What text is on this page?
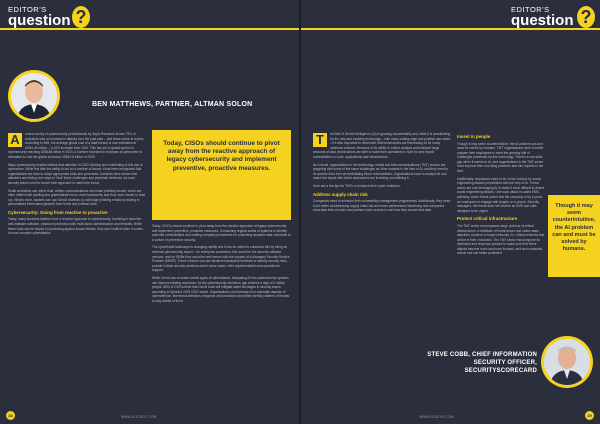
EDITOR'S
question ?
BEN MATTHEWS, PARTNER, ALTMAN SOLON

A	recent survey of cybersecurity professionals by Sapio Research shows 75% of recipients saw an increase in attacks over the past year – and these come at a price. According to IBM, the average global cost of a data breach is now estimated at US$4.45 million – a 15% increase from 2020. This has led to global spend on cybersecurity reaching US$188 billion in 2023, a number expected to increase as cybercrime is estimated to cost the global economy US$10.5 trillion in 2025.

Many cybersecurity experts believe that attention in CISO thinking are contributing to this rise in cybercrime. While this aids the ability to act on a number of issues, it has been recognised that organisations are slow to adopt appropriate tools and processes. Incidents have shown that attackers are finding new ways to 'lock' these challenges and penetrate defences. As such, security teams need to evolve their approach to match the threat.

Small schedules can mirror fluid, written communications and make phishing emails, which are often riddled with spelling and grammatical errors, more trustworthy and thus more harder to read out. What's more, hackers can use GenAI chatbots to craft large phishing emails by adding in personalised information gleaned from forms and political hubs.

Cybersecurity: Going from reactive to proactive

Today, many business leaders have a reactive approach to cybersecurity, investing in tools like anti-malware software, password protection with multi-factor authentication and firewalls. While these tools can be helpful for protecting against known threats, they won't suffice when it comes to more complex cyberattacks.

Today, CISOs should continue to pivot away from the reactive approach of legacy cybersecurity and implement preventive, proactive measures.

Today, CISOs should continue to pivot away from the reactive approach of legacy cybersecurity and implement preventive, proactive measures. Conducting regular audits of systems to identify potential vulnerabilities and crafting company procedures for protecting sensitive data contribute to a culture of preventive security.

The cyberthreat landscape is changing rapidly and it can be useful to outsource this by hiring an external cybersecurity expert – for enterprise customers, this would be the security software vendors, and for SMBs they would be well served with the support of a Managed Security Service Provider (MSSP). These vendors can use advanced analytical methods to identify security risks, provide holistic security solutions and in some cases, offer implementation and operational support.

While GenAI can increase certain types of cyberattacks, integrating AI into cybersecurity systems can improve existing resources. As the cybersecurity workforce gap reaches a high of 4 million people, 86% of CISOs think that GenAI tools will mitigate talent shortages in security teams, according to Splunk's 2023 CISO report. Organisations can leverage AI to automate aspects of cyberdefence, like threat detection, response and prediction and better identify patterns of threats to stay ahead of them.

28	WWW.ELEDEXT.COM
EDITOR'S
question ?

T	he field of GenAI intelligence (AI) is growing exponentially and, while it is accelerating for the new and evolving technology – with many cutting-edge and positive use cases – it's also important to remember that threat actors are harnessing AI for many nefarious reasons. Because of its ability to collect, analyse and interpret large amounts of data, threat actors are able to scale their operations to hunt for and exploit vulnerabilities in code, applications and infrastructure.

As a result, organisations in the technology, media and telecommunications (TMT) sectors are grappling with some of the same challenges as other markets in the face of AI, and they need to be quicker than ever at remediating those vulnerabilities. Organisations have to analyse AI and match the inputs with which adversaries are investing and utilising it.

Here are a few tips for TMTs to enhance their cyber resilience:

Address supply chain risk

Companies need to enhance their vulnerability management programmes. Additionally, they need to be better at addressing supply chain risk and more performance baselining and companies what data their vendors and partners have access to and how they access that data.

Invest in people

Though it may seem counterintuitive, the AI problem can and must be solved by humans. TMT organisations need to better prepare their employees to meet the growing tide of challenges presented by this technology. There's a real skills gap when it comes to AI, and organisations in the TMT sector must improve their recruiting practices and hire experts in the field.

Additionally, employees need to be on the lookout for social engineering attacks perpetrated with the help of AI. Threat actors are now leveraging AI to make it more difficult to detect social engineering attacks. One such attack is called SMS-phishing, where threat actors text the company to try to pose as employees to engage with targets on a phone. Security managers, the threat actor will receive an SMS and calls designed to be urgent.

Protect critical infrastructure

The TMT sector encompasses large portions of critical infrastructure. A multitude of threat actors and nation-state attackers continue to target networks, AI, critical networks that will be in their crosshairs. The TMT sector must improve its defensive and response posture to make sure that these attacks become more and more focused, and such networks critical and can better protected.

Though it may seem counterintuitive, the AI problem can and must be solved by humans.
STEVE COBB, CHIEF INFORMATION
SECURITY OFFICER, SECURITYSCORECARD
29
WWW.EDUEXIT.COM
